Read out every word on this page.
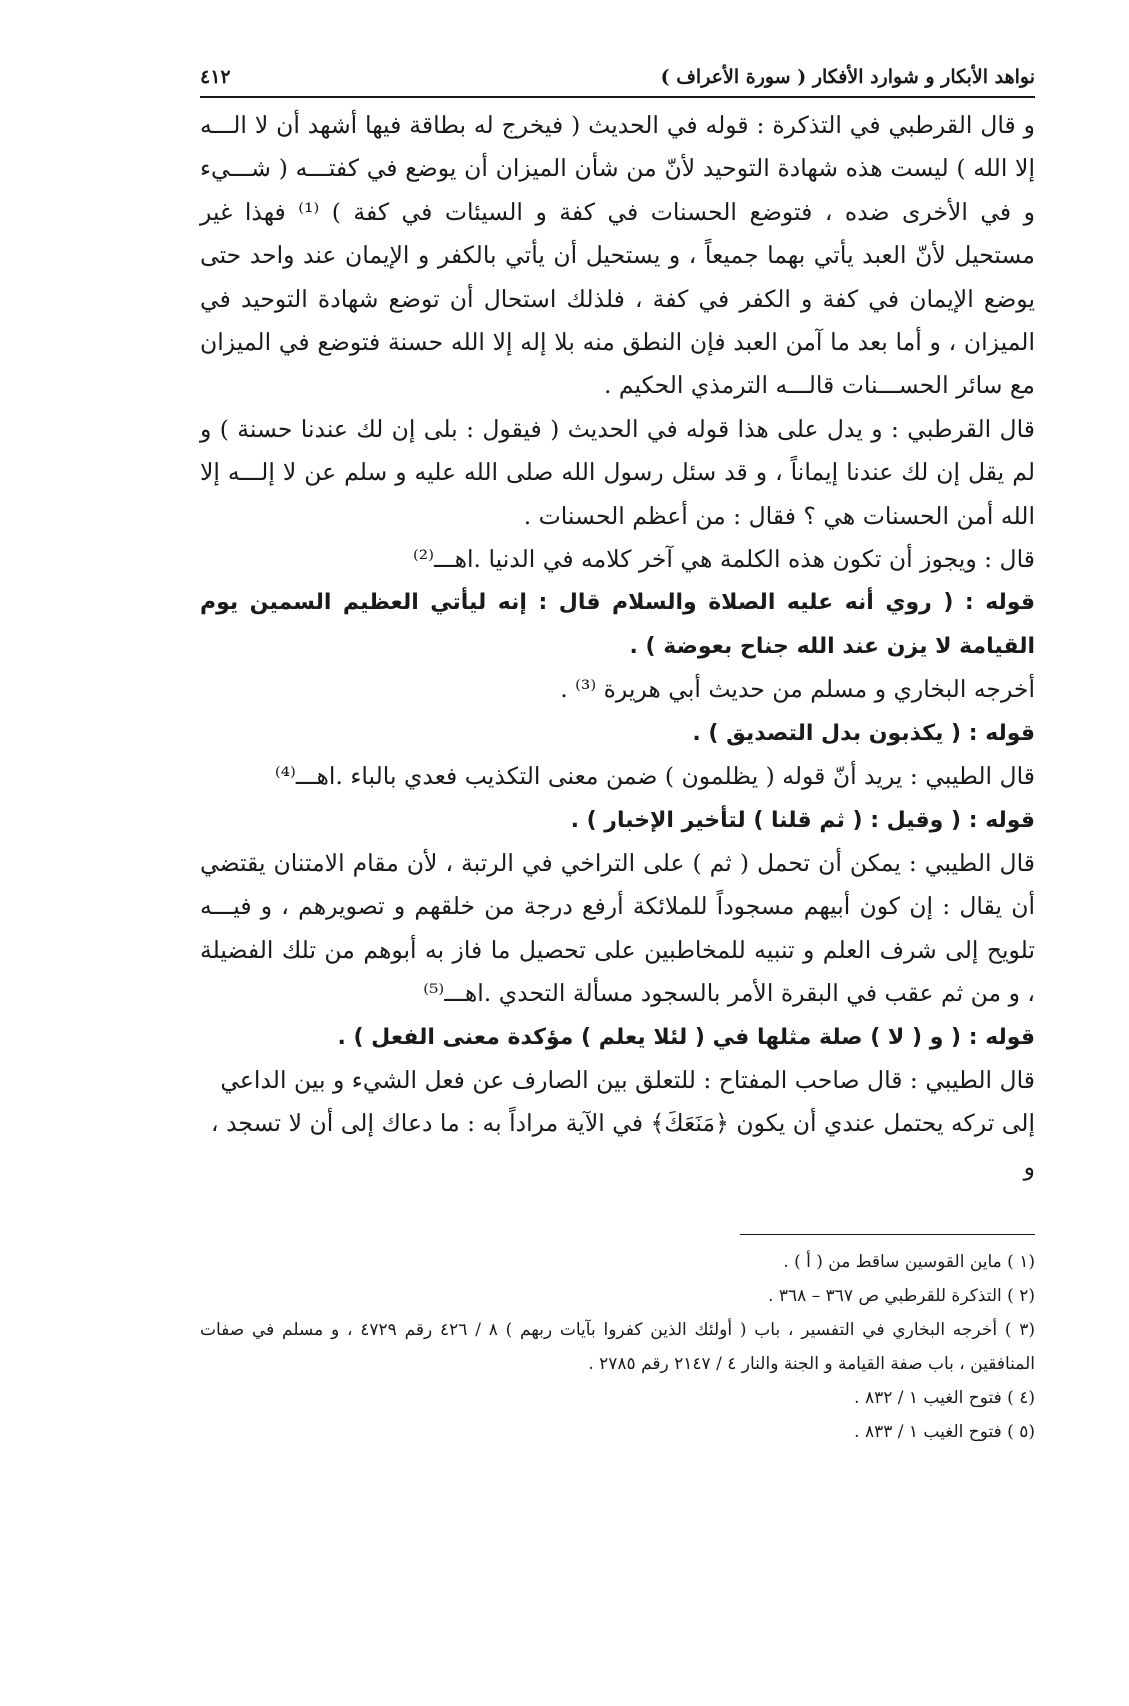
نواهد الأبكار و شوارد الأفكار ( سورة الأعراف )
٤١٢

و قال القرطبي في التذكرة : قوله في الحديث ( فيخرج له بطاقة فيها أشهد أن لا الـــه إلا الله ) ليست هذه شهادة التوحيد لأنّ من شأن الميزان أن يوضع في كفتـــه ( شـــيء و في الأخرى ضده ، فتوضع الحسنات في كفة و السيئات في كفة ) ⁽¹⁾ فهذا غير مستحيل لأنّ العبد يأتي بهما جميعاً ، و يستحيل أن يأتي بالكفر و الإيمان عند واحد حتى يوضع الإيمان في كفة و الكفر في كفة ، فلذلك استحال أن توضع شهادة التوحيد في الميزان ، و أما بعد ما آمن العبد فإن النطق منه بلا إله إلا الله حسنة فتوضع في الميزان مع سائر الحســـنات قالـــه الترمذي الحكيم .

قال القرطبي : و يدل على هذا قوله في الحديث ( فيقول : بلى إن لك عندنا حسنة ) و لم يقل إن لك عندنا إيماناً ، و قد سئل رسول الله صلى الله عليه و سلم عن لا إلـــه إلا الله أمن الحسنات هي ؟ فقال : من أعظم الحسنات .

قال : ويجوز أن تكون هذه الكلمة هي آخر كلامه في الدنيا .اهـــ⁽²⁾

قوله : ( روي أنه عليه الصلاة والسلام قال : إنه ليأتي العظيم السمين يوم القيامة لا يزن عند الله جناح بعوضة ) .

أخرجه البخاري و مسلم من حديث أبي هريرة ⁽³⁾ .

قوله : ( يكذبون بدل التصديق ) .

قال الطيبي : يريد أنّ قوله ( يظلمون ) ضمن معنى التكذيب فعدي بالباء .اهـــ⁽⁴⁾

قوله : ( وقيل : ( ثم قلنا ) لتأخير الإخبار ) .

قال الطيبي : يمكن أن تحمل ( ثم ) على التراخي في الرتبة ، لأن مقام الامتنان يقتضي أن يقال : إن كون أبيهم مسجوداً للملائكة أرفع درجة من خلقهم و تصويرهم ، و فيـــه تلويح إلى شرف العلم و تنبيه للمخاطبين على تحصيل ما فاز به أبوهم من تلك الفضيلة ، و من ثم عقب في البقرة الأمر بالسجود مسألة التحدي .اهـــ⁽⁵⁾

قوله : ( و ( لا ) صلة مثلها في ( لئلا يعلم ) مؤكدة معنى الفعل ) .

قال الطيبي : قال صاحب المفتاح : للتعلق بين الصارف عن فعل الشيء و بين الداعي إلى تركه يحتمل عندي أن يكون ﴿مَنَعَكَ﴾ في الآية مراداً به : ما دعاك إلى أن لا تسجد ، و

(١ ) ماين القوسين ساقط من ( أ ) .

(٢ ) التذكرة للقرطبي ص ٣٦٧ – ٣٦٨ .

(٣ ) أخرجه البخاري في التفسير ، باب ( أولئك الذين كفروا بآيات ربهم ) ٨ / ٤٢٦ رقم ٤٧٢٩ ، و مسلم في صفات المنافقين ، باب صفة القيامة و الجنة والنار ٤ / ٢١٤٧ رقم ٢٧٨٥ .

(٤ ) فتوح الغيب ١ / ٨٣٢ .

(٥ ) فتوح الغيب ١ / ٨٣٣ .
